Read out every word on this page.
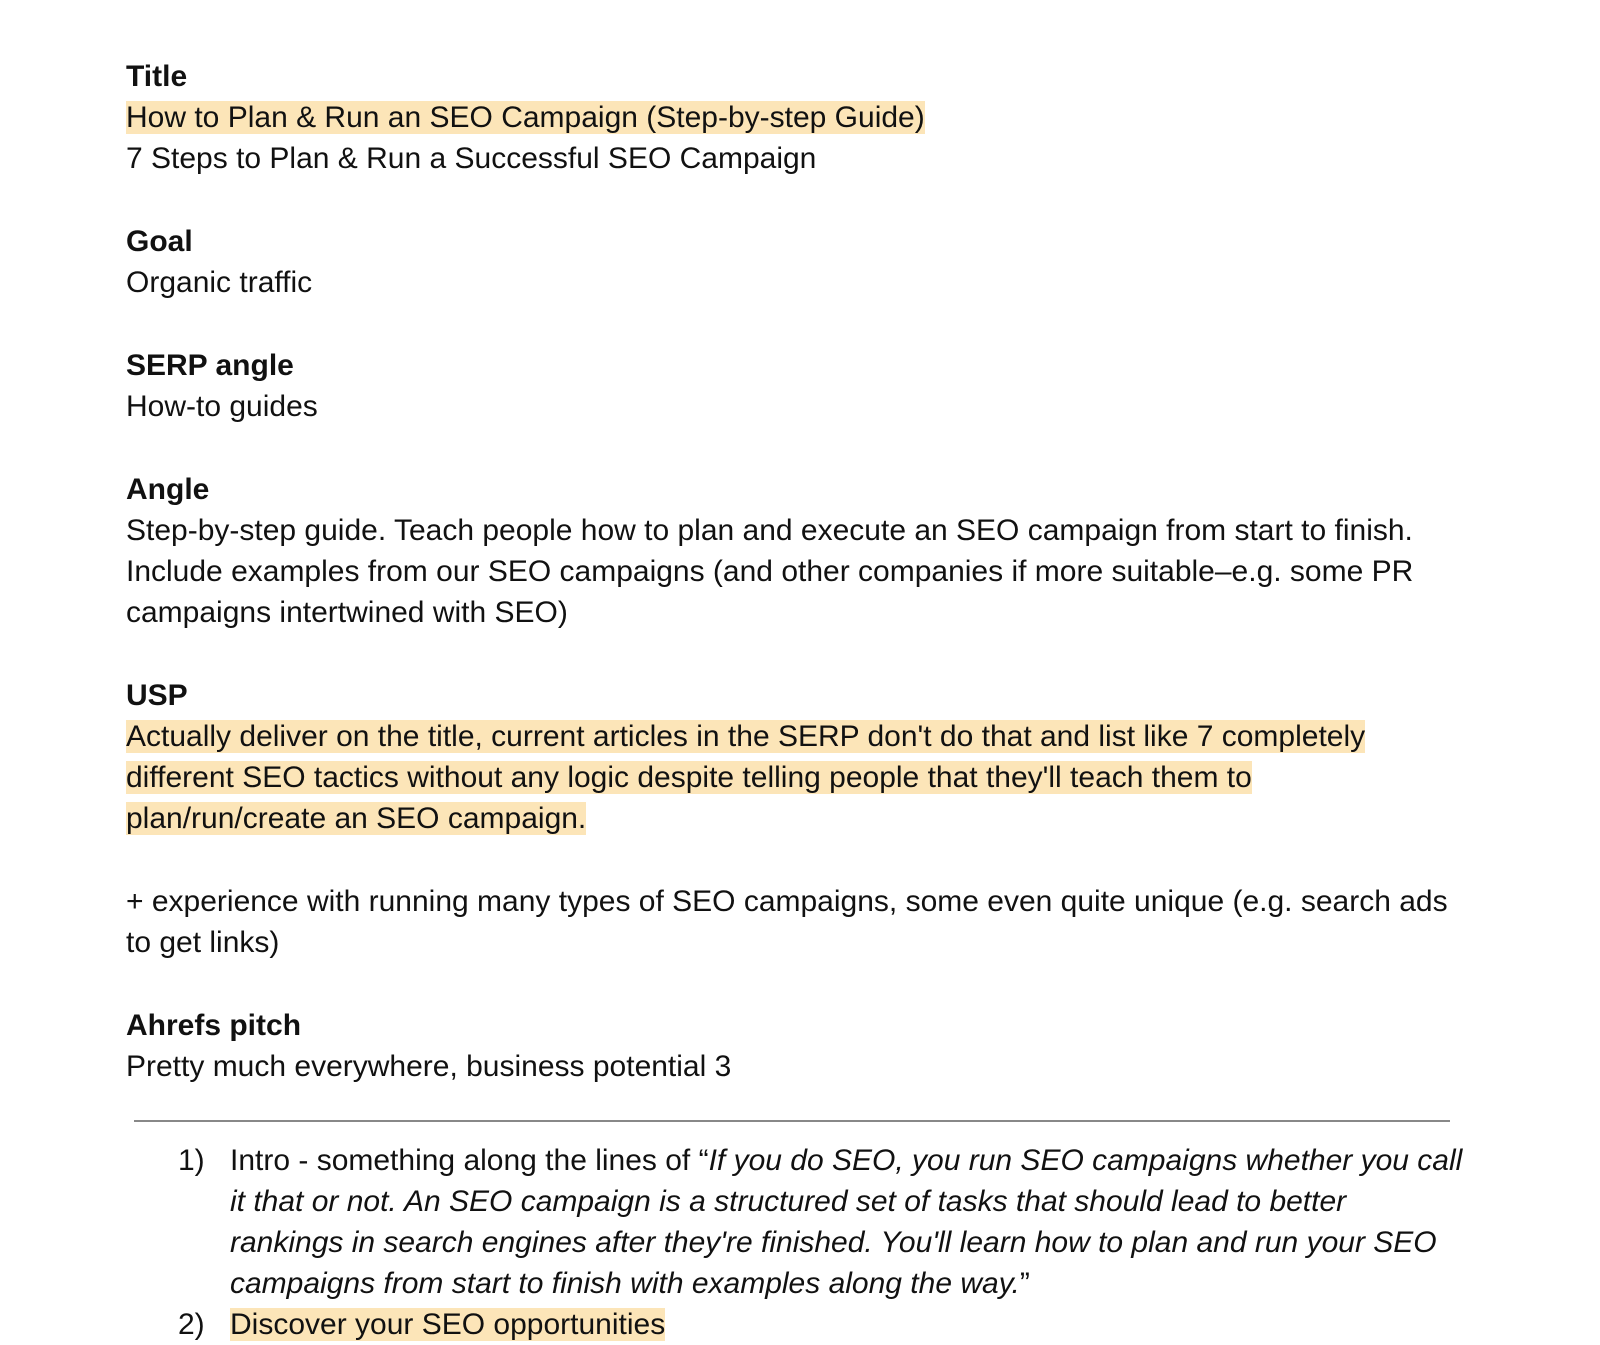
Title

How to Plan & Run an SEO Campaign (Step-by-step Guide)

7 Steps to Plan & Run a Successful SEO Campaign

Goal

Organic traffic

SERP angle

How-to guides

Angle

Step-by-step guide. Teach people how to plan and execute an SEO campaign from start to finish. Include examples from our SEO campaigns (and other companies if more suitable–e.g. some PR campaigns intertwined with SEO)

USP

Actually deliver on the title, current articles in the SERP don't do that and list like 7 completely different SEO tactics without any logic despite telling people that they'll teach them to plan/run/create an SEO campaign.

+ experience with running many types of SEO campaigns, some even quite unique (e.g. search ads to get links)

Ahrefs pitch

Pretty much everywhere, business potential 3

1) Intro - something along the lines of “If you do SEO, you run SEO campaigns whether you call it that or not. An SEO campaign is a structured set of tasks that should lead to better rankings in search engines after they're finished. You'll learn how to plan and run your SEO campaigns from start to finish with examples along the way.”
2) Discover your SEO opportunities
